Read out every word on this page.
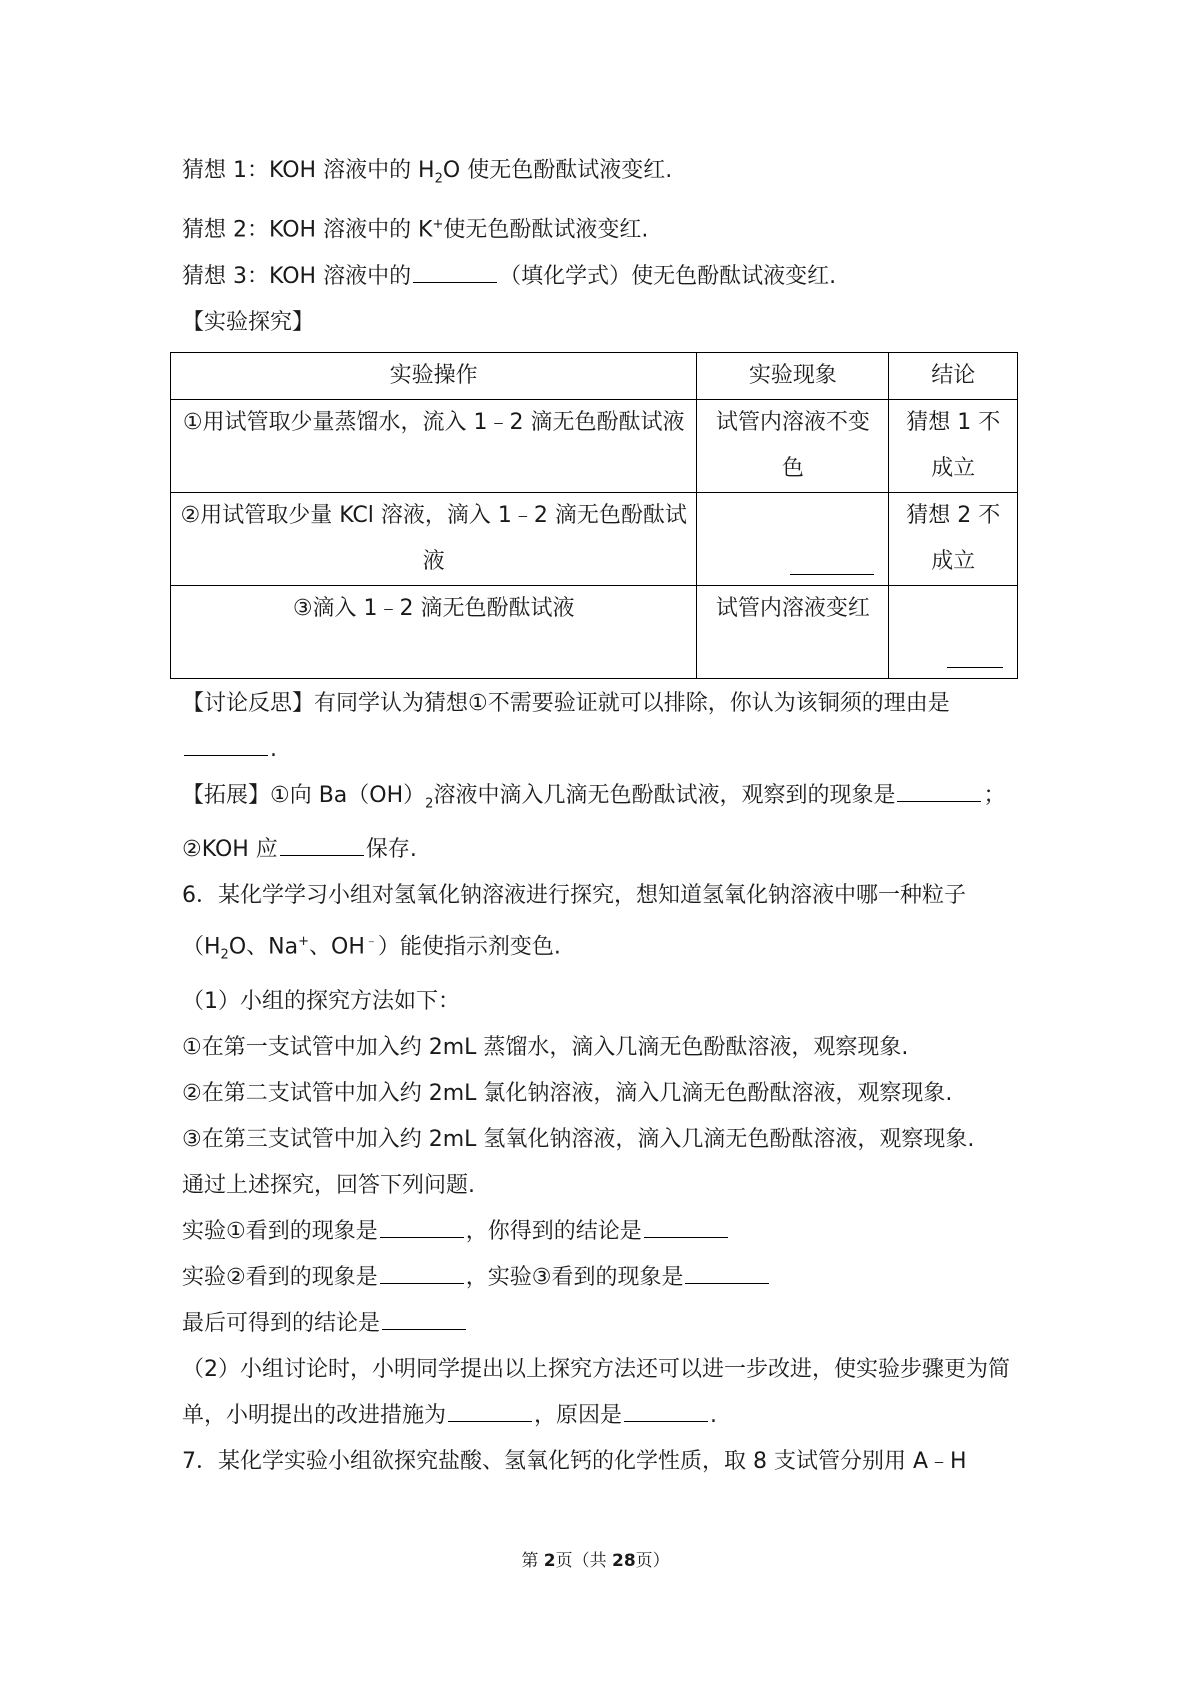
猜想 1：KOH 溶液中的 $H_2O$ 使无色酚酞试液变红.
猜想 2：KOH 溶液中的 K+使无色酚酞试液变红.
猜想 3：KOH 溶液中的	（填化学式）使无色酚酞试液变红.
【实验探究】
实验操作	实验现象	结论
①用试管取少量蒸馏水，流入 1﹣2 滴无色酚酞试液	试管内溶液不变色	猜想 1 不成立
②用试管取少量 KCl 溶液，滴入 1﹣2 滴无色酚酞试液		猜想 2 不成立
③滴入 1﹣2 滴无色酚酞试液	试管内溶液变红	
【讨论反思】有同学认为猜想①不需要验证就可以排除，你认为该铜须的理由是.
【拓展】①向 $Ba(OH)_2$溶液中滴入几滴无色酚酞试液，观察到的现象是	；
②KOH 应	保存.
6．某化学学习小组对氢氧化钠溶液进行探究，想知道氢氧化钠溶液中哪一种粒子（$H_2O$、Na+、OH﹣）能使指示剂变色.
（1）小组的探究方法如下：
①在第一支试管中加入约 2mL 蒸馏水，滴入几滴无色酚酞溶液，观察现象.
②在第二支试管中加入约 2mL 氯化钠溶液，滴入几滴无色酚酞溶液，观察现象.
③在第三支试管中加入约 2mL 氢氧化钠溶液，滴入几滴无色酚酞溶液，观察现象.
通过上述探究，回答下列问题.
实验①看到的现象是	，你得到的结论是
实验②看到的现象是	，实验③看到的现象是
最后可得到的结论是
（2）小组讨论时，小明同学提出以上探究方法还可以进一步改进，使实验步骤更为简单，小明提出的改进措施为	，原因是	.
7．某化学实验小组欲探究盐酸、氢氧化钙的化学性质，取 8 支试管分别用 A﹣H
第 2页（共 28页）
